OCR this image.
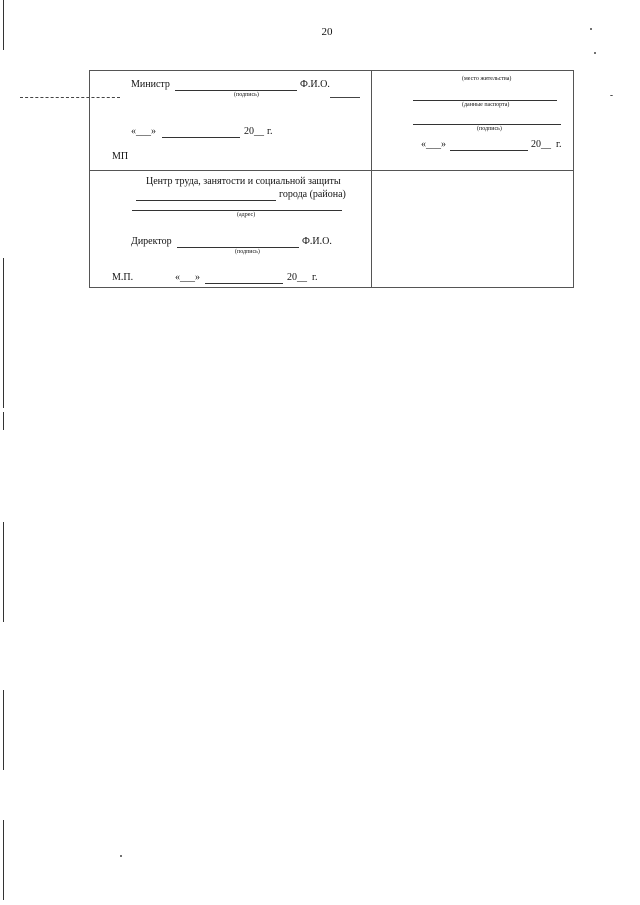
20
Министр	Ф.И.О.
(подпись)
«___»	20__ г.
МП
(место жительства)
(данные паспорта)
(подпись)
«___»	20__ г.
Центр труда, занятости и социальной защиты
города (района)
(адрес)
Директор	Ф.И.О.
(подпись)
М.П.	«___»	20__ г.
